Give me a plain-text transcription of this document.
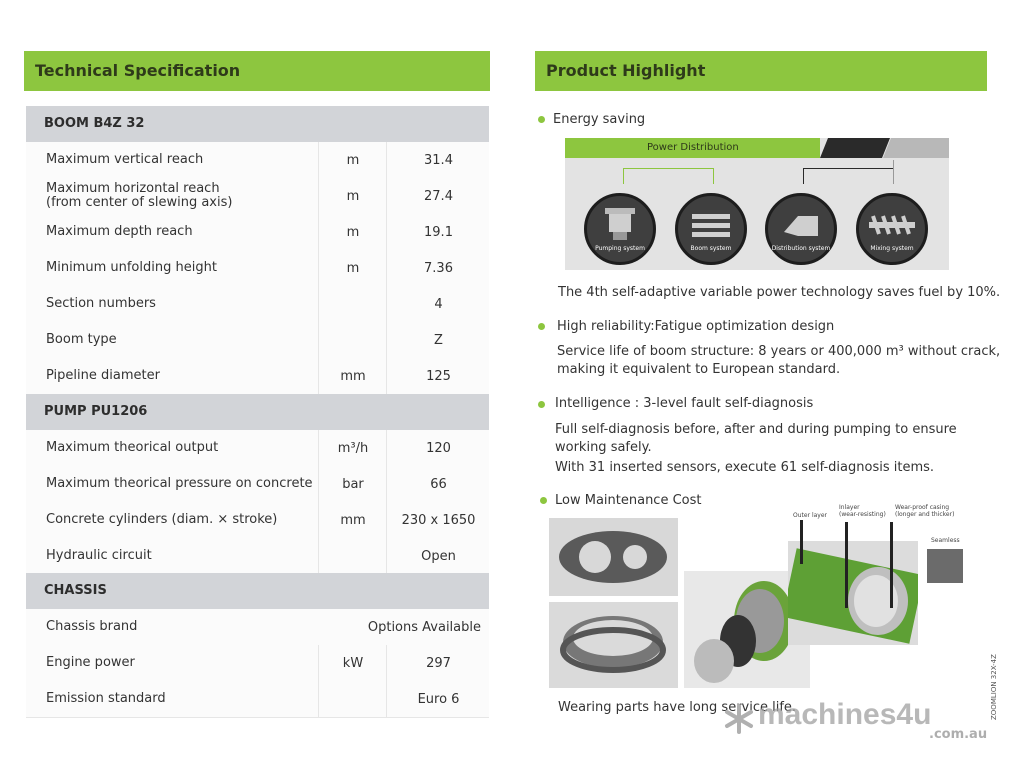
Technical Specification
BOOM B4Z 32
Maximum vertical reach	m	31.4
Maximum horizontal reach
(from center of slewing axis)	m	27.4
Maximum depth reach	m	19.1
Minimum unfolding height	m	7.36
Section numbers	4
Boom type	Z
Pipeline diameter	mm	125
PUMP PU1206
Maximum theorical output	m³/h	120
Maximum theorical pressure on concrete	bar	66
Concrete cylinders (diam. × stroke)	mm	230 x 1650
Hydraulic circuit	Open
CHASSIS
Chassis brand	Options Available
Engine power	kW	297
Emission standard	Euro 6
Product Highlight
Energy saving
Power Distribution
Pumping system	Boom system	Distribution system	Mixing system
The 4th self-adaptive variable power technology saves fuel by 10%.
High reliability:Fatigue optimization design
Service life of boom structure: 8 years or 400,000 m³ without crack,
making it equivalent to European standard.
Intelligence : 3-level fault self-diagnosis
Full self-diagnosis before, after and during pumping to ensure
working safely.
With 31 inserted sensors, execute 61 self-diagnosis items.
Low Maintenance Cost
Outer layer
Inlayer
(wear-resisting)
Wear-proof casing
(longer and thicker)
Seamless
Wearing parts have long service life.	ZOOMLION 32X-4Z
machines4u
.com.au
